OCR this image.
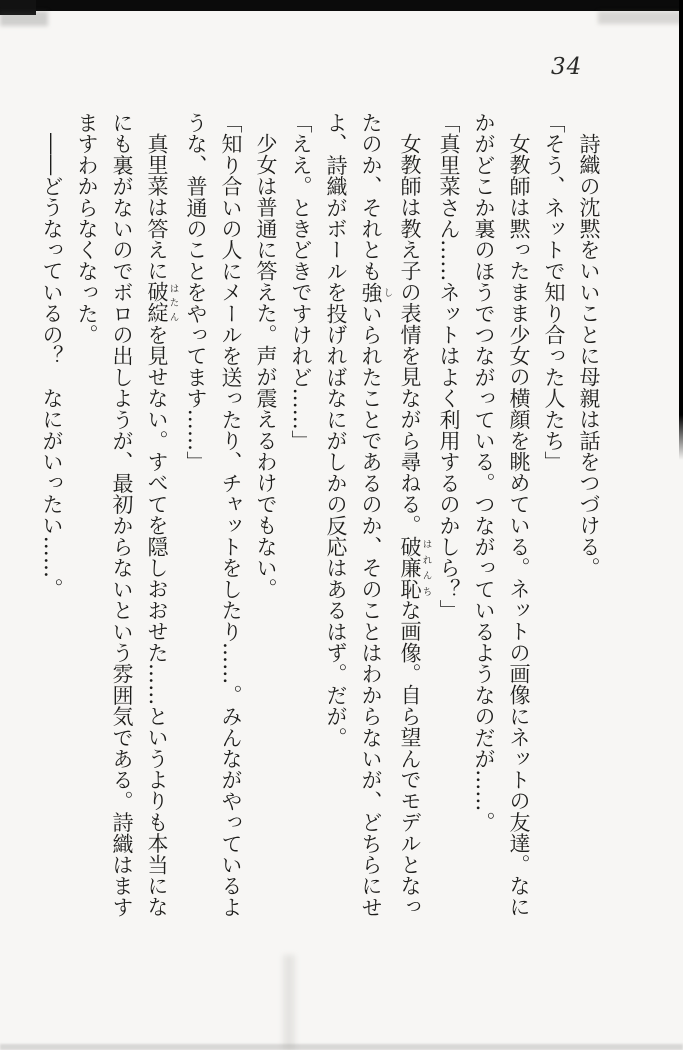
34

詩織の沈黙をいいことに母親は話をつづける。

「そう、ネットで知り合った人たち」

女教師は黙ったまま少女の横顔を眺めている。ネットの画像にネットの友達。なに

かがどこか裏のほうでつながっている。つながっているようなのだが……。

「真里菜さん……ネットはよく利用するのかしら？」

女教師は教え子の表情を見ながら尋ねる。破廉恥はれんちな画像。自ら望んでモデルとなっ

たのか、それとも強しいられたことであるのか、そのことはわからないが、どちらにせ

よ、詩織がボールを投げればなにがしかの反応はあるはず。だが。

「ええ。ときどきですけれど……」

少女は普通に答えた。声が震えるわけでもない。

「知り合いの人にメールを送ったり、チャットをしたり……。みんながやっているよ

うな、普通のことをやってます……」

真里菜は答えに破綻はたんを見せない。すべてを隠しおおせた……というよりも本当にな

にも裏がないのでボロの出しようが、最初からないという雰囲気である。詩織はます

ますわからなくなった。

――どうなっているの？　なにがいったい……。
